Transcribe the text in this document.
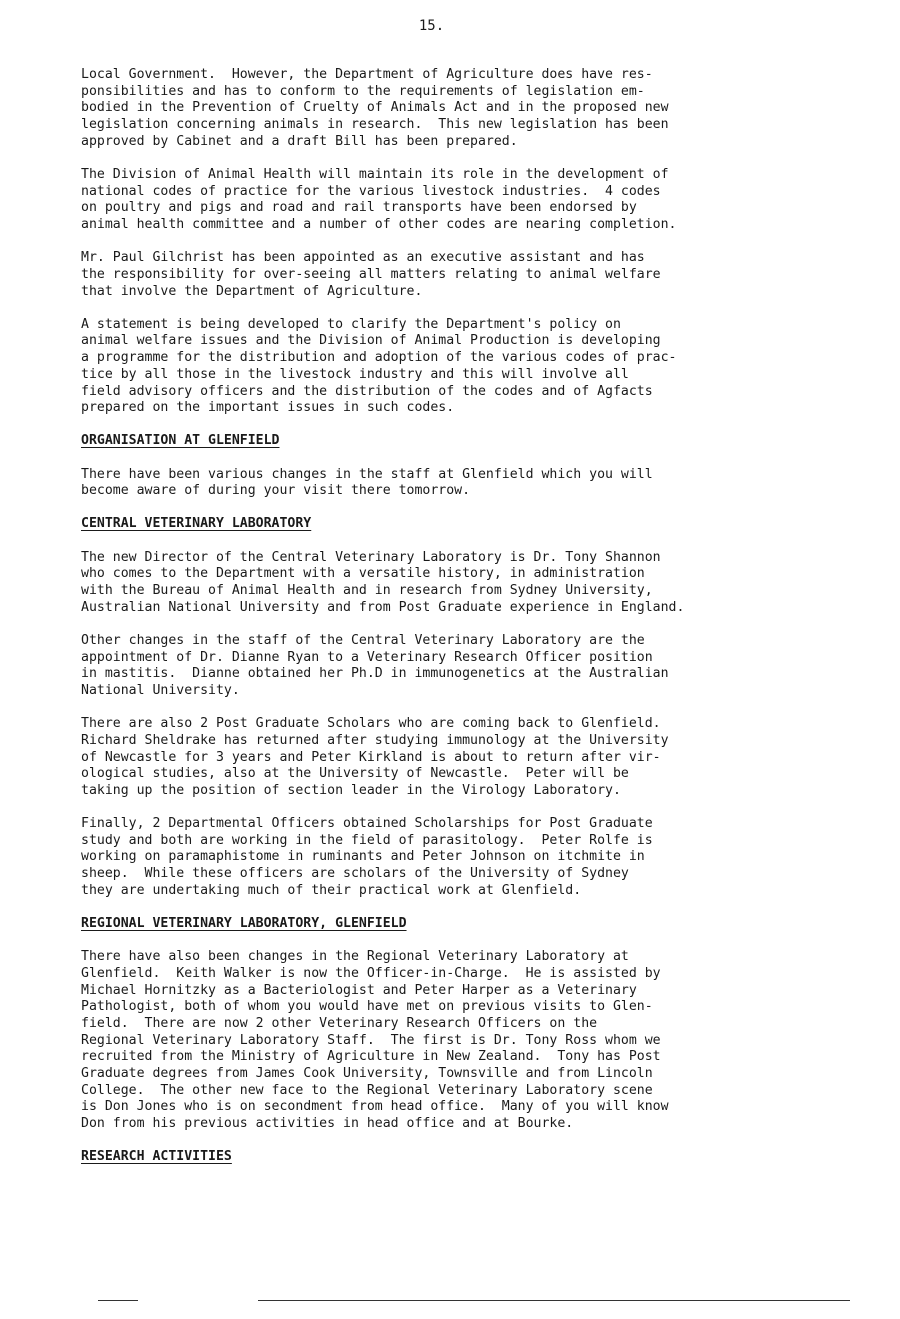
15.
Local Government.  However, the Department of Agriculture does have res-
ponsibilities and has to conform to the requirements of legislation em-
bodied in the Prevention of Cruelty of Animals Act and in the proposed new
legislation concerning animals in research.  This new legislation has been
approved by Cabinet and a draft Bill has been prepared.
The Division of Animal Health will maintain its role in the development of
national codes of practice for the various livestock industries.  4 codes
on poultry and pigs and road and rail transports have been endorsed by
animal health committee and a number of other codes are nearing completion.
Mr. Paul Gilchrist has been appointed as an executive assistant and has
the responsibility for over-seeing all matters relating to animal welfare
that involve the Department of Agriculture.
A statement is being developed to clarify the Department's policy on
animal welfare issues and the Division of Animal Production is developing
a programme for the distribution and adoption of the various codes of prac-
tice by all those in the livestock industry and this will involve all
field advisory officers and the distribution of the codes and of Agfacts
prepared on the important issues in such codes.
ORGANISATION AT GLENFIELD
There have been various changes in the staff at Glenfield which you will
become aware of during your visit there tomorrow.
CENTRAL VETERINARY LABORATORY
The new Director of the Central Veterinary Laboratory is Dr. Tony Shannon
who comes to the Department with a versatile history, in administration
with the Bureau of Animal Health and in research from Sydney University,
Australian National University and from Post Graduate experience in England.
Other changes in the staff of the Central Veterinary Laboratory are the
appointment of Dr. Dianne Ryan to a Veterinary Research Officer position
in mastitis.  Dianne obtained her Ph.D in immunogenetics at the Australian
National University.
There are also 2 Post Graduate Scholars who are coming back to Glenfield.
Richard Sheldrake has returned after studying immunology at the University
of Newcastle for 3 years and Peter Kirkland is about to return after vir-
ological studies, also at the University of Newcastle.  Peter will be
taking up the position of section leader in the Virology Laboratory.
Finally, 2 Departmental Officers obtained Scholarships for Post Graduate
study and both are working in the field of parasitology.  Peter Rolfe is
working on paramaphistome in ruminants and Peter Johnson on itchmite in
sheep.  While these officers are scholars of the University of Sydney
they are undertaking much of their practical work at Glenfield.
REGIONAL VETERINARY LABORATORY, GLENFIELD
There have also been changes in the Regional Veterinary Laboratory at
Glenfield.  Keith Walker is now the Officer-in-Charge.  He is assisted by
Michael Hornitzky as a Bacteriologist and Peter Harper as a Veterinary
Pathologist, both of whom you would have met on previous visits to Glen-
field.  There are now 2 other Veterinary Research Officers on the
Regional Veterinary Laboratory Staff.  The first is Dr. Tony Ross whom we
recruited from the Ministry of Agriculture in New Zealand.  Tony has Post
Graduate degrees from James Cook University, Townsville and from Lincoln
College.  The other new face to the Regional Veterinary Laboratory scene
is Don Jones who is on secondment from head office.  Many of you will know
Don from his previous activities in head office and at Bourke.
RESEARCH ACTIVITIES
